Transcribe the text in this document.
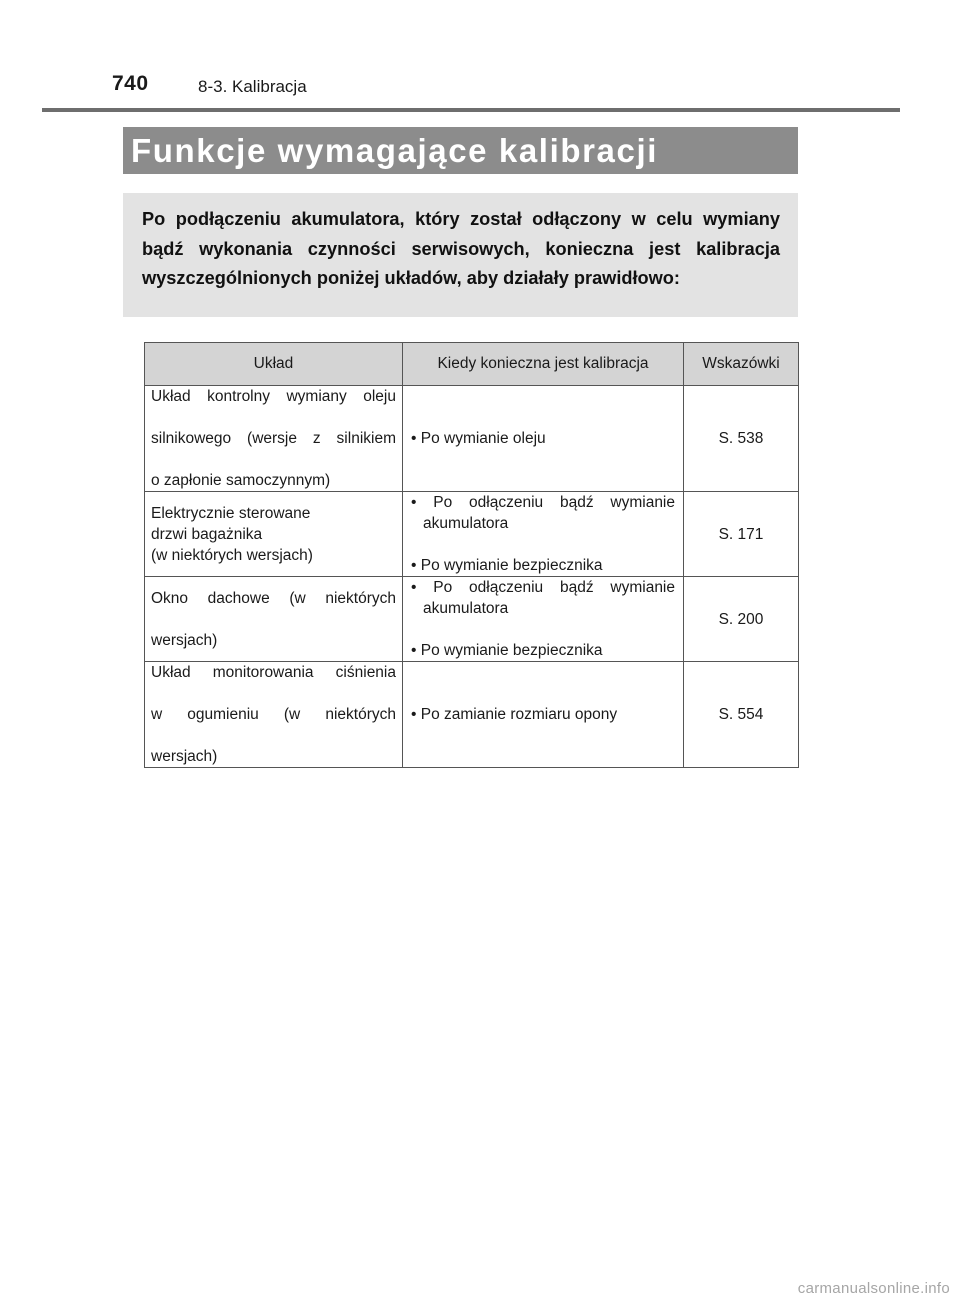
740	8-3. Kalibracja
Funkcje wymagające kalibracji

Po podłączeniu akumulatora, który został odłączony w celu wymiany bądź wykonania czynności serwisowych, konieczna jest kalibracja wyszczególnionych poniżej układów, aby działały prawidłowo:

Układ	Kiedy konieczna jest kalibracja	Wskazówki

Układ kontrolny wymiany oleju
silnikowego (wersje z silnikiem
o zapłonie samoczynnym)	• Po wymianie oleju	S. 538

Elektrycznie sterowane
drzwi bagażnika
(w niektórych wersjach)	• Po odłączeniu bądź wymianie akumulatora
• Po wymianie bezpiecznika	S. 171

Okno dachowe (w niektórych
wersjach)	• Po odłączeniu bądź wymianie akumulatora
• Po wymianie bezpiecznika	S. 200

Układ monitorowania ciśnienia
w ogumieniu (w niektórych
wersjach)	• Po zamianie rozmiaru opony	S. 554
carmanualsonline.info
